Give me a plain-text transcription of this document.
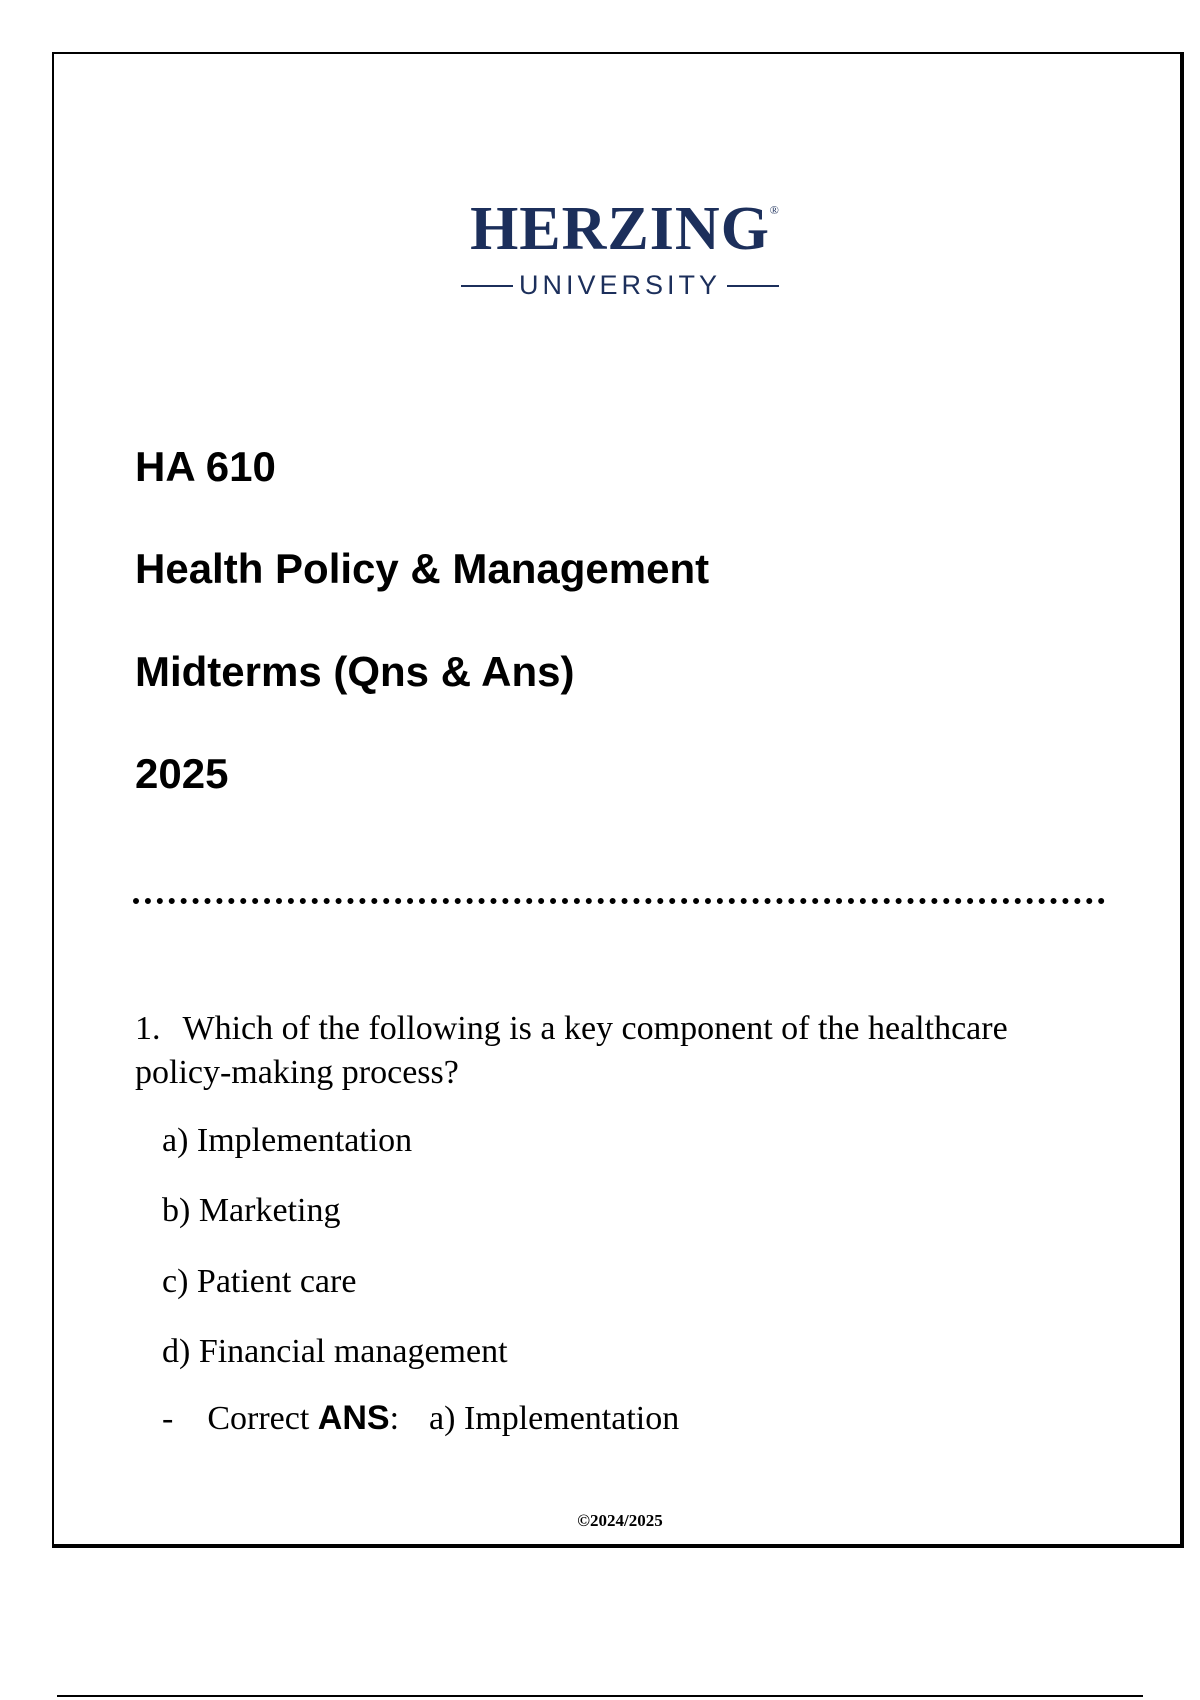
HERZING ®
UNIVERSITY
HA 610
Health Policy & Management
Midterms (Qns & Ans)
2025
1. Which of the following is a key component of the healthcare policy-making process?
a) Implementation
b) Marketing
c) Patient care
d) Financial management
- Correct ANS: a) Implementation
©2024/2025
